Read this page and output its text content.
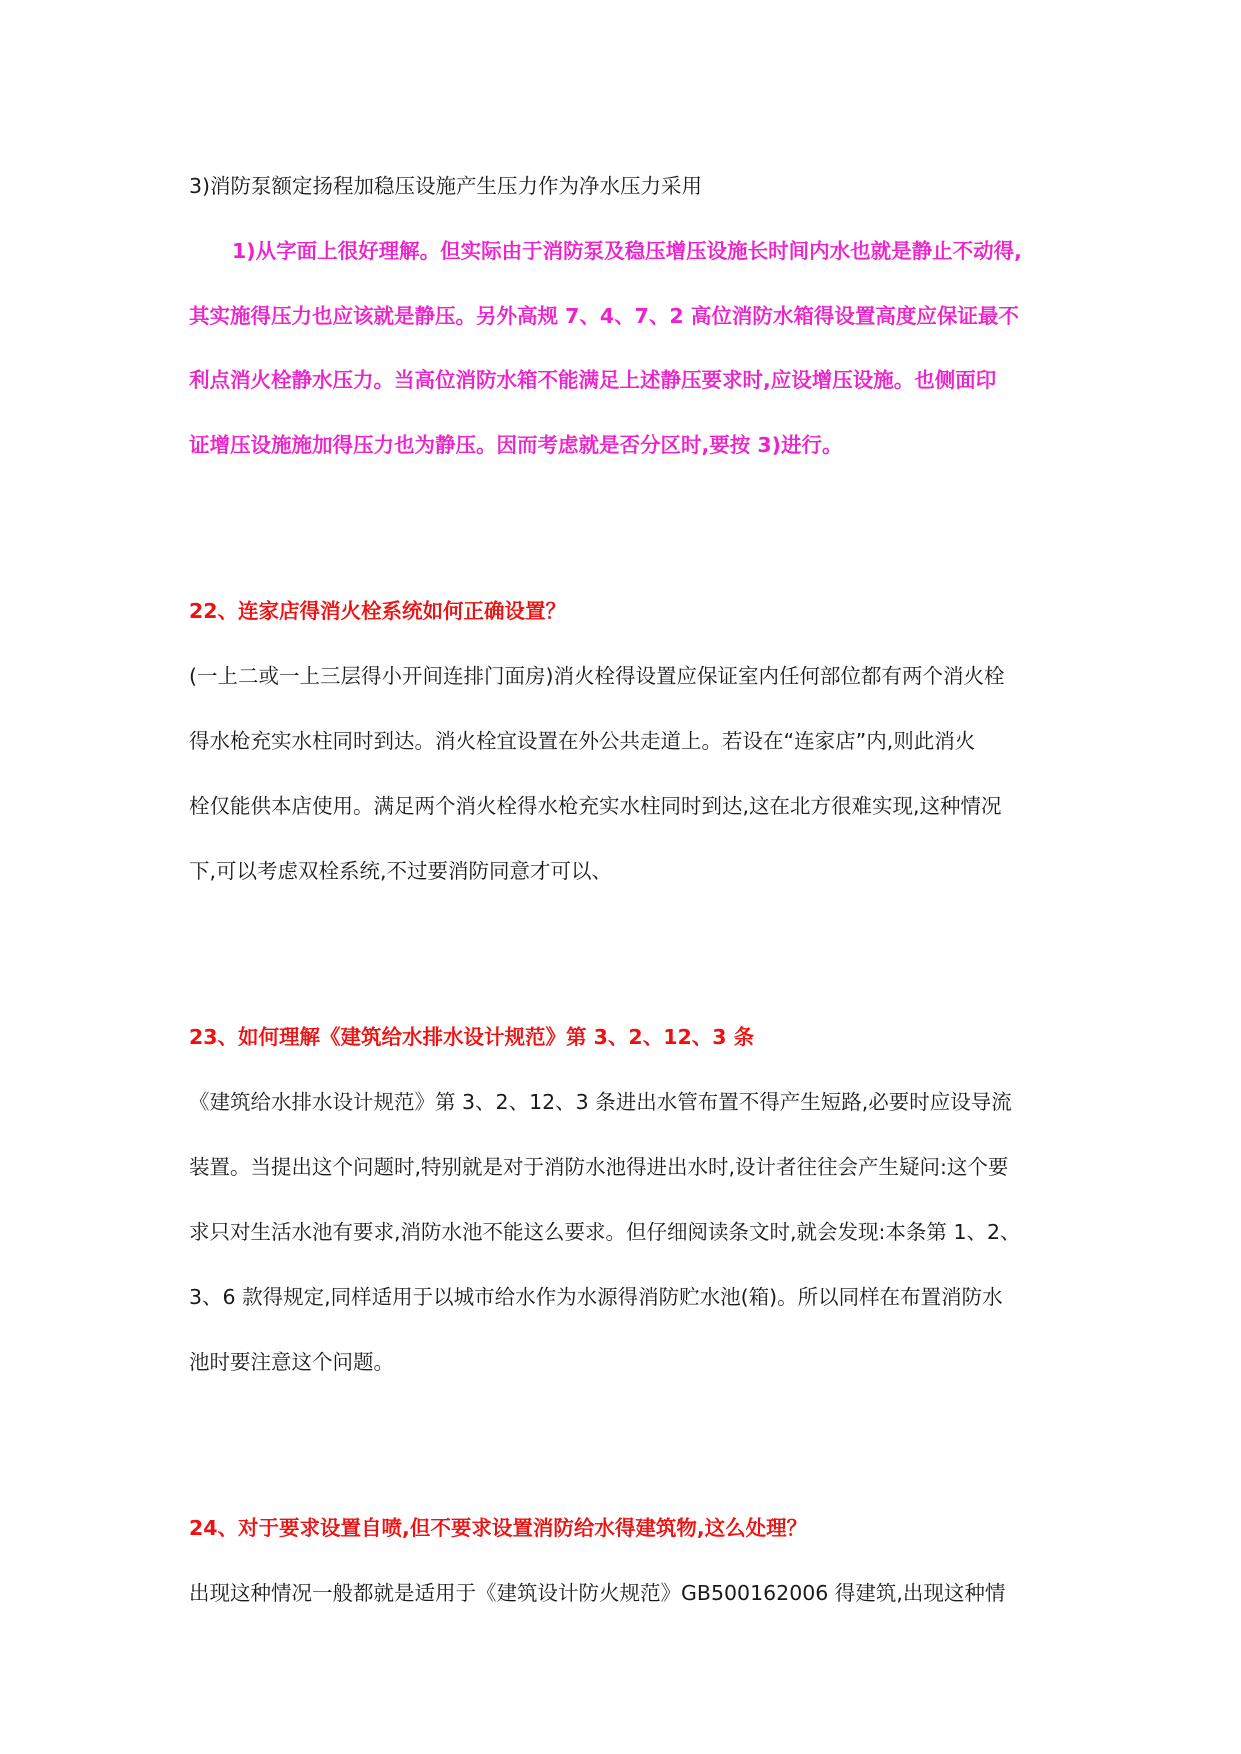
3)消防泵额定扬程加稳压设施产生压力作为净水压力采用
1)从字面上很好理解。但实际由于消防泵及稳压增压设施长时间内水也就是静止不动得,
其实施得压力也应该就是静压。另外高规 7、4、7、2 高位消防水箱得设置高度应保证最不
利点消火栓静水压力。当高位消防水箱不能满足上述静压要求时,应设增压设施。也侧面印
证增压设施施加得压力也为静压。因而考虑就是否分区时,要按 3)进行。
22、连家店得消火栓系统如何正确设置？
(一上二或一上三层得小开间连排门面房)消火栓得设置应保证室内任何部位都有两个消火栓
得水枪充实水柱同时到达。消火栓宜设置在外公共走道上。若设在“连家店”内,则此消火
栓仅能供本店使用。满足两个消火栓得水枪充实水柱同时到达,这在北方很难实现,这种情况
下,可以考虑双栓系统,不过要消防同意才可以、
23、如何理解《建筑给水排水设计规范》第 3、2、12、3 条
《建筑给水排水设计规范》第 3、2、12、3 条进出水管布置不得产生短路,必要时应设导流
装置。当提出这个问题时,特别就是对于消防水池得进出水时,设计者往往会产生疑问:这个要
求只对生活水池有要求,消防水池不能这么要求。但仔细阅读条文时,就会发现:本条第 1、2、
3、6 款得规定,同样适用于以城市给水作为水源得消防贮水池(箱)。所以同样在布置消防水
池时要注意这个问题。
24、对于要求设置自喷,但不要求设置消防给水得建筑物,这么处理？
出现这种情况一般都就是适用于《建筑设计防火规范》GB500162006 得建筑,出现这种情
